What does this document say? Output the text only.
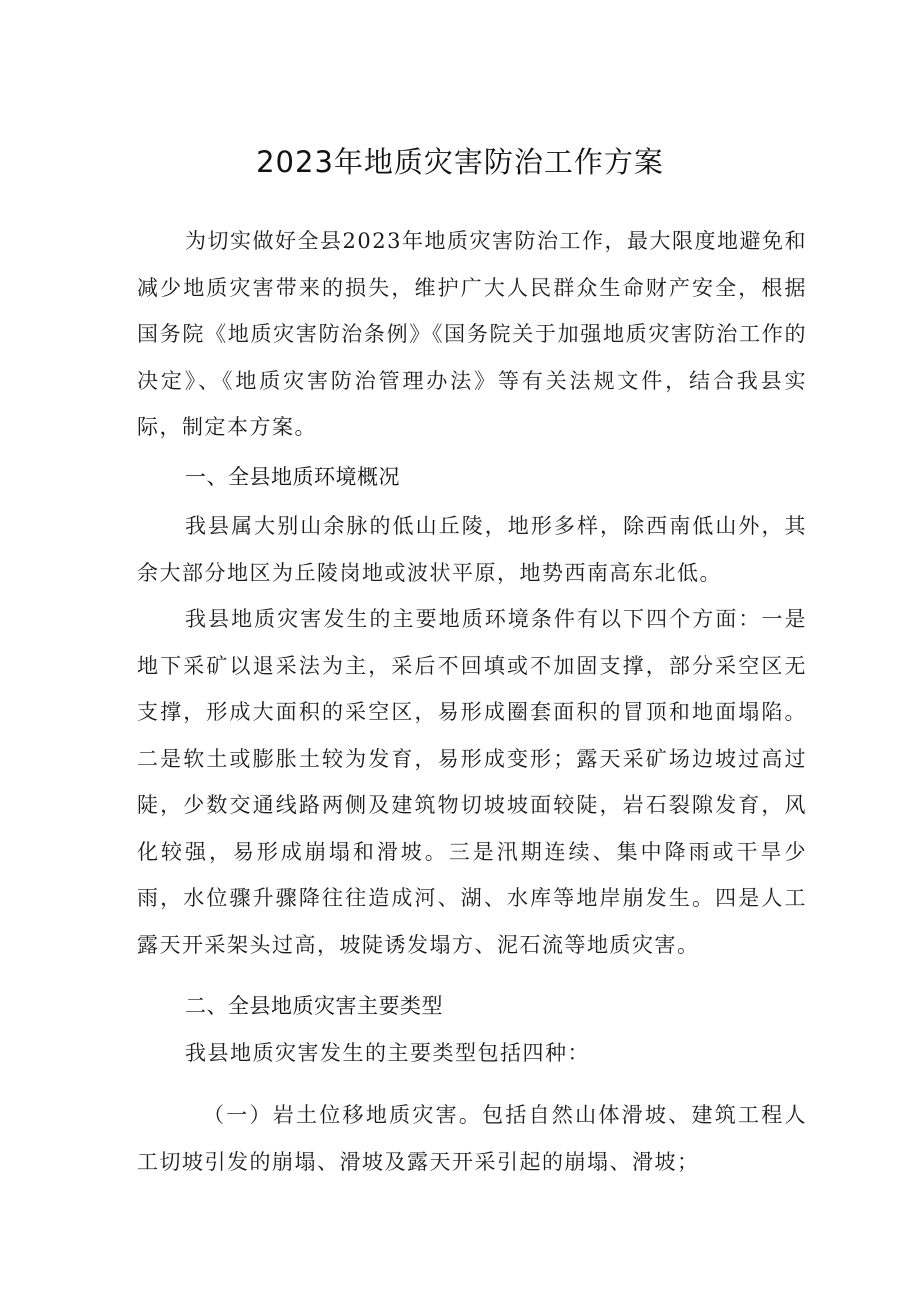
2023年地质灾害防治工作方案

为切实做好全县2023年地质灾害防治工作，最大限度地避免和减少地质灾害带来的损失，维护广大人民群众生命财产安全，根据国务院《地质灾害防治条例》《国务院关于加强地质灾害防治工作的决定》、《地质灾害防治管理办法》等有关法规文件，结合我县实际，制定本方案。

一、全县地质环境概况

我县属大别山余脉的低山丘陵，地形多样，除西南低山外，其余大部分地区为丘陵岗地或波状平原，地势西南高东北低。

我县地质灾害发生的主要地质环境条件有以下四个方面：一是地下采矿以退采法为主，采后不回填或不加固支撑，部分采空区无支撑，形成大面积的采空区，易形成圈套面积的冒顶和地面塌陷。二是软土或膨胀土较为发育，易形成变形；露天采矿场边坡过高过陡，少数交通线路两侧及建筑物切坡坡面较陡，岩石裂隙发育，风化较强，易形成崩塌和滑坡。三是汛期连续、集中降雨或干旱少雨，水位骤升骤降往往造成河、湖、水库等地岸崩发生。四是人工露天开采架头过高，坡陡诱发塌方、泥石流等地质灾害。

二、全县地质灾害主要类型

我县地质灾害发生的主要类型包括四种：

（一）岩土位移地质灾害。包括自然山体滑坡、建筑工程人工切坡引发的崩塌、滑坡及露天开采引起的崩塌、滑坡；
